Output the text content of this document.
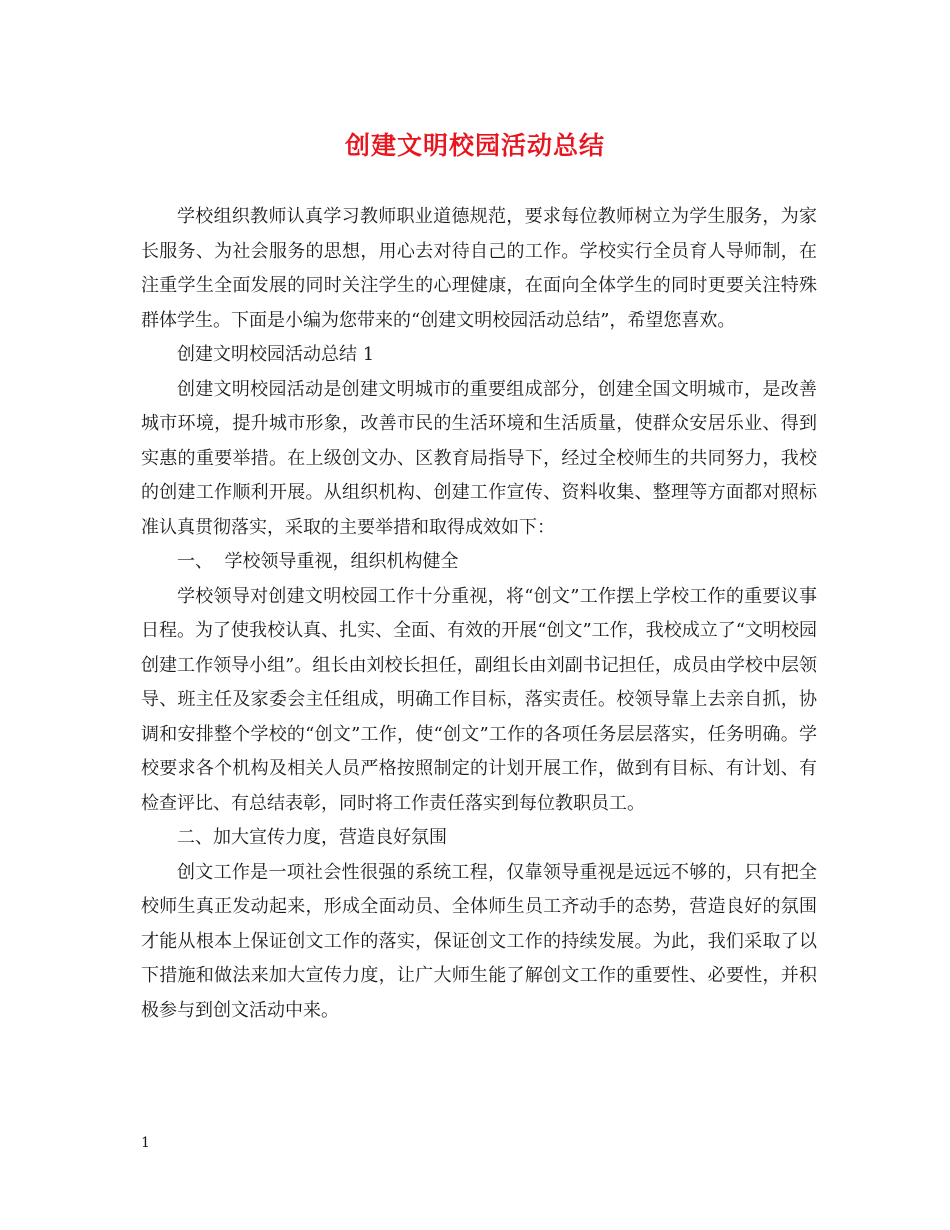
创建文明校园活动总结

学校组织教师认真学习教师职业道德规范，要求每位教师树立为学生服务，为家长服务、为社会服务的思想，用心去对待自己的工作。学校实行全员育人导师制，在注重学生全面发展的同时关注学生的心理健康，在面向全体学生的同时更要关注特殊群体学生。下面是小编为您带来的“创建文明校园活动总结”，希望您喜欢。

创建文明校园活动总结 1

创建文明校园活动是创建文明城市的重要组成部分，创建全国文明城市，是改善城市环境，提升城市形象，改善市民的生活环境和生活质量，使群众安居乐业、得到实惠的重要举措。在上级创文办、区教育局指导下，经过全校师生的共同努力，我校的创建工作顺利开展。从组织机构、创建工作宣传、资料收集、整理等方面都对照标准认真贯彻落实，采取的主要举措和取得成效如下：

一、  学校领导重视，组织机构健全

学校领导对创建文明校园工作十分重视，将“创文”工作摆上学校工作的重要议事日程。为了使我校认真、扎实、全面、有效的开展“创文”工作，我校成立了“文明校园创建工作领导小组”。组长由刘校长担任，副组长由刘副书记担任，成员由学校中层领导、班主任及家委会主任组成，明确工作目标，落实责任。校领导靠上去亲自抓，协调和安排整个学校的“创文”工作，使“创文”工作的各项任务层层落实，任务明确。学校要求各个机构及相关人员严格按照制定的计划开展工作，做到有目标、有计划、有检查评比、有总结表彰，同时将工作责任落实到每位教职员工。

二、加大宣传力度，营造良好氛围

创文工作是一项社会性很强的系统工程，仅靠领导重视是远远不够的，只有把全校师生真正发动起来，形成全面动员、全体师生员工齐动手的态势，营造良好的氛围才能从根本上保证创文工作的落实，保证创文工作的持续发展。为此，我们采取了以下措施和做法来加大宣传力度，让广大师生能了解创文工作的重要性、必要性，并积极参与到创文活动中来。

1
